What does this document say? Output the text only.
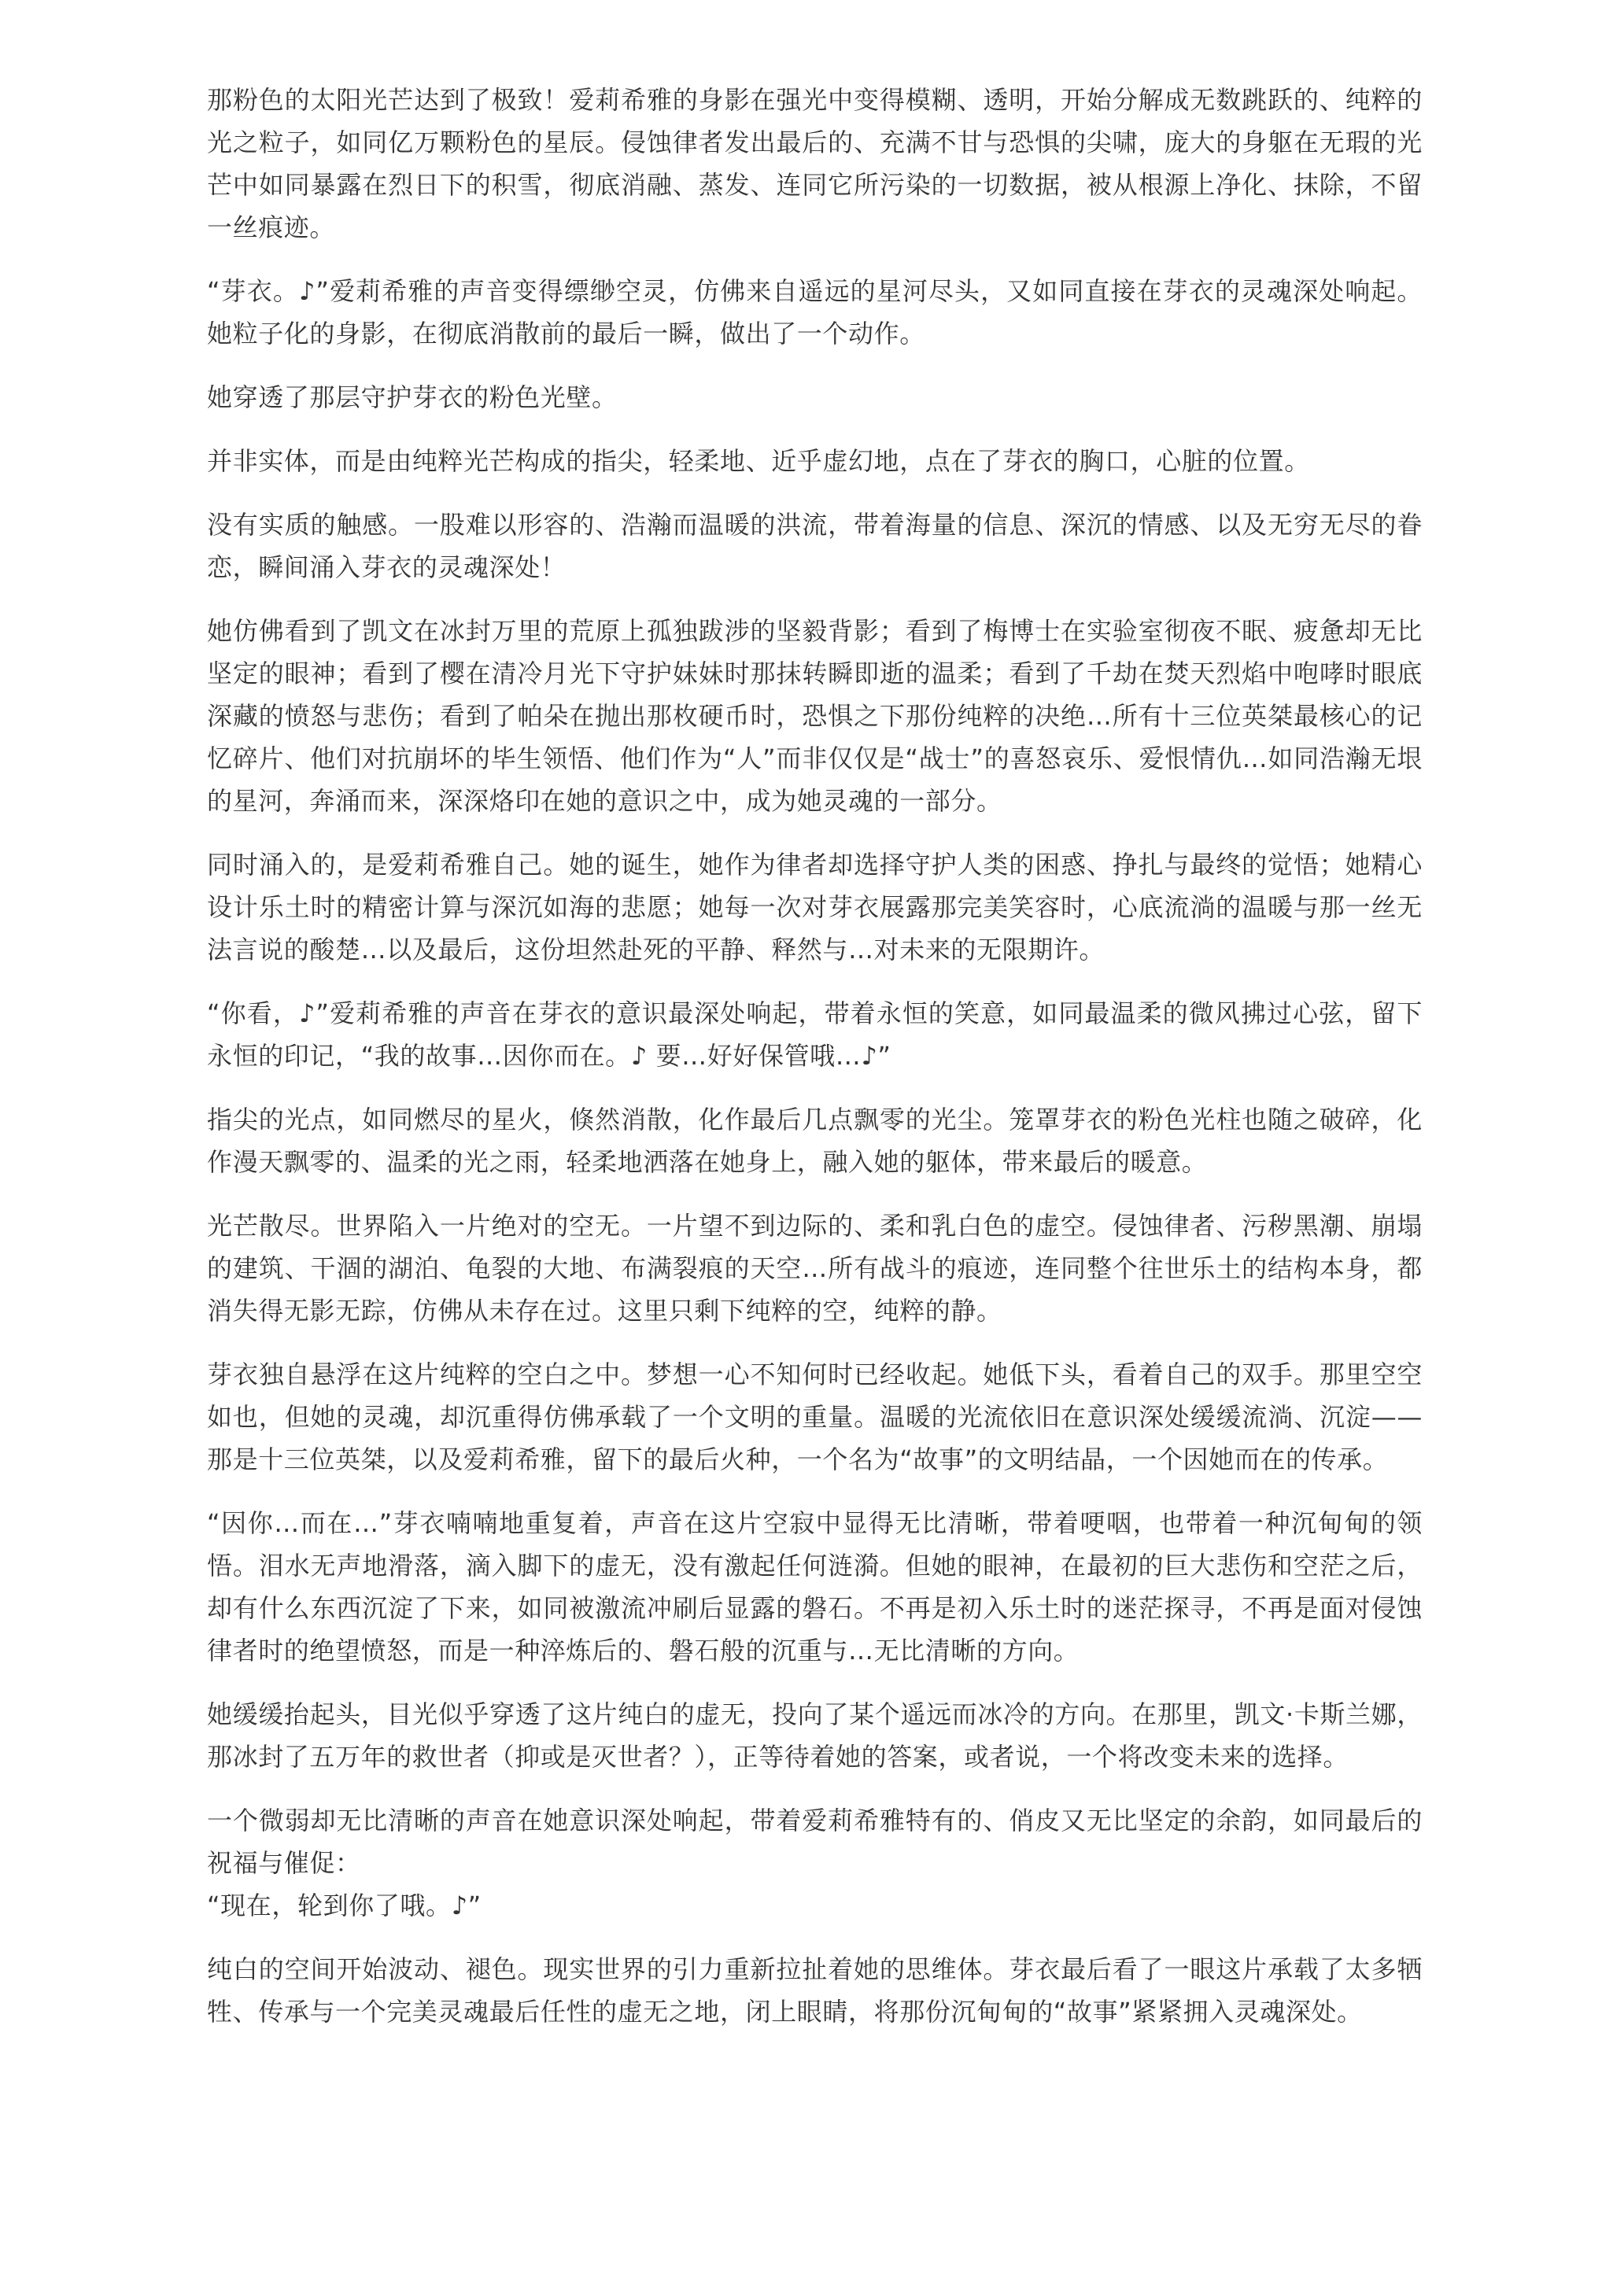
那粉色的太阳光芒达到了极致！爱莉希雅的身影在强光中变得模糊、透明，开始分解成无数跳跃的、纯粹的光之粒子，如同亿万颗粉色的星辰。侵蚀律者发出最后的、充满不甘与恐惧的尖啸，庞大的身躯在无瑕的光芒中如同暴露在烈日下的积雪，彻底消融、蒸发、连同它所污染的一切数据，被从根源上净化、抹除，不留一丝痕迹。

“芽衣。♪”爱莉希雅的声音变得缥缈空灵，仿佛来自遥远的星河尽头，又如同直接在芽衣的灵魂深处响起。她粒子化的身影，在彻底消散前的最后一瞬，做出了一个动作。

她穿透了那层守护芽衣的粉色光壁。

并非实体，而是由纯粹光芒构成的指尖，轻柔地、近乎虚幻地，点在了芽衣的胸口，心脏的位置。

没有实质的触感。一股难以形容的、浩瀚而温暖的洪流，带着海量的信息、深沉的情感、以及无穷无尽的眷恋，瞬间涌入芽衣的灵魂深处！

她仿佛看到了凯文在冰封万里的荒原上孤独跋涉的坚毅背影；看到了梅博士在实验室彻夜不眠、疲惫却无比坚定的眼神；看到了樱在清冷月光下守护妹妹时那抹转瞬即逝的温柔；看到了千劫在焚天烈焰中咆哮时眼底深藏的愤怒与悲伤；看到了帕朵在抛出那枚硬币时，恐惧之下那份纯粹的决绝…所有十三位英桀最核心的记忆碎片、他们对抗崩坏的毕生领悟、他们作为“人”而非仅仅是“战士”的喜怒哀乐、爱恨情仇…如同浩瀚无垠的星河，奔涌而来，深深烙印在她的意识之中，成为她灵魂的一部分。

同时涌入的，是爱莉希雅自己。她的诞生，她作为律者却选择守护人类的困惑、挣扎与最终的觉悟；她精心设计乐土时的精密计算与深沉如海的悲愿；她每一次对芽衣展露那完美笑容时，心底流淌的温暖与那一丝无法言说的酸楚…以及最后，这份坦然赴死的平静、释然与…对未来的无限期许。

“你看，♪”爱莉希雅的声音在芽衣的意识最深处响起，带着永恒的笑意，如同最温柔的微风拂过心弦，留下永恒的印记，“我的故事…因你而在。♪ 要…好好保管哦…♪”

指尖的光点，如同燃尽的星火，倏然消散，化作最后几点飘零的光尘。笼罩芽衣的粉色光柱也随之破碎，化作漫天飘零的、温柔的光之雨，轻柔地洒落在她身上，融入她的躯体，带来最后的暖意。

光芒散尽。世界陷入一片绝对的空无。一片望不到边际的、柔和乳白色的虚空。侵蚀律者、污秽黑潮、崩塌的建筑、干涸的湖泊、龟裂的大地、布满裂痕的天空…所有战斗的痕迹，连同整个往世乐土的结构本身，都消失得无影无踪，仿佛从未存在过。这里只剩下纯粹的空，纯粹的静。

芽衣独自悬浮在这片纯粹的空白之中。梦想一心不知何时已经收起。她低下头，看着自己的双手。那里空空如也，但她的灵魂，却沉重得仿佛承载了一个文明的重量。温暖的光流依旧在意识深处缓缓流淌、沉淀——那是十三位英桀，以及爱莉希雅，留下的最后火种，一个名为“故事”的文明结晶，一个因她而在的传承。

“因你…而在…”芽衣喃喃地重复着，声音在这片空寂中显得无比清晰，带着哽咽，也带着一种沉甸甸的领悟。泪水无声地滑落，滴入脚下的虚无，没有激起任何涟漪。但她的眼神，在最初的巨大悲伤和空茫之后，却有什么东西沉淀了下来，如同被激流冲刷后显露的磐石。不再是初入乐土时的迷茫探寻，不再是面对侵蚀律者时的绝望愤怒，而是一种淬炼后的、磐石般的沉重与…无比清晰的方向。

她缓缓抬起头，目光似乎穿透了这片纯白的虚无，投向了某个遥远而冰冷的方向。在那里，凯文·卡斯兰娜，那冰封了五万年的救世者（抑或是灭世者？），正等待着她的答案，或者说，一个将改变未来的选择。

一个微弱却无比清晰的声音在她意识深处响起，带着爱莉希雅特有的、俏皮又无比坚定的余韵，如同最后的祝福与催促：
“现在，轮到你了哦。♪”

纯白的空间开始波动、褪色。现实世界的引力重新拉扯着她的思维体。芽衣最后看了一眼这片承载了太多牺牲、传承与一个完美灵魂最后任性的虚无之地，闭上眼睛，将那份沉甸甸的“故事”紧紧拥入灵魂深处。
